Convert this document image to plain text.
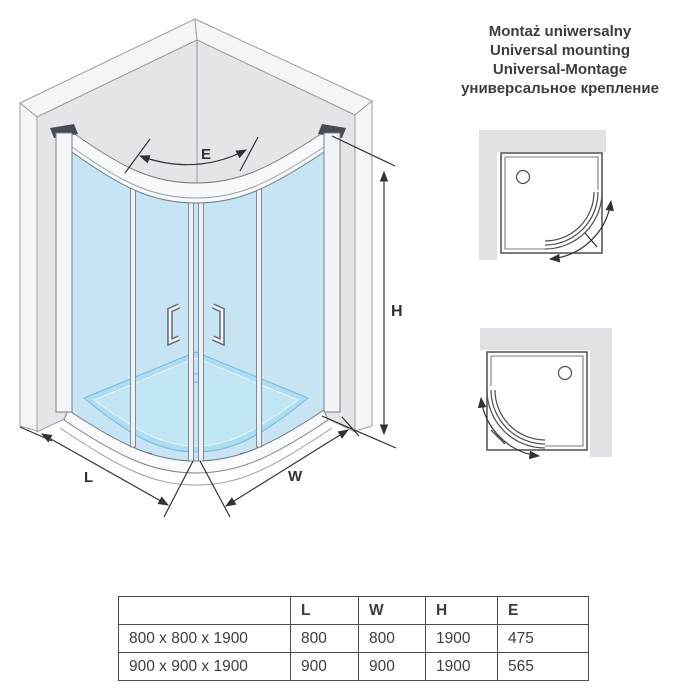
E
H
L	W
Montaż uniwersalny
Universal mounting
Universal-Montage
универсальное крепление
	L	W	H	E
800 x 800 x 1900	800	800	1900	475
900 x 900 x 1900	900	900	1900	565
